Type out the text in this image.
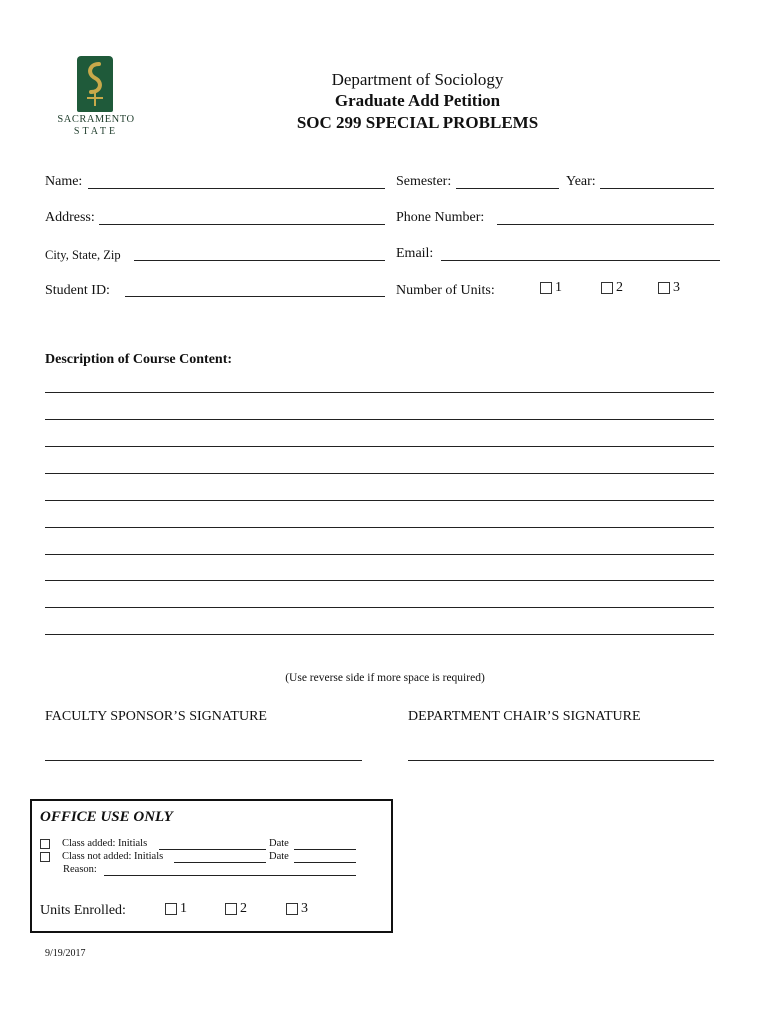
SACRAMENTO
STATE
Department of Sociology
Graduate Add Petition
SOC 299 SPECIAL PROBLEMS
Name:	Semester:	Year:
Address:	Phone Number:
City, State, Zip	Email:
Student ID:	Number of Units:	1	2	3
Description of Course Content:
(Use reverse side if more space is required)
FACULTY SPONSOR’S SIGNATURE	DEPARTMENT CHAIR’S SIGNATURE
OFFICE USE ONLY
Class added: Initials	Date
Class not added: Initials	Date
Reason:
Units Enrolled:	1	2	3
9/19/2017
